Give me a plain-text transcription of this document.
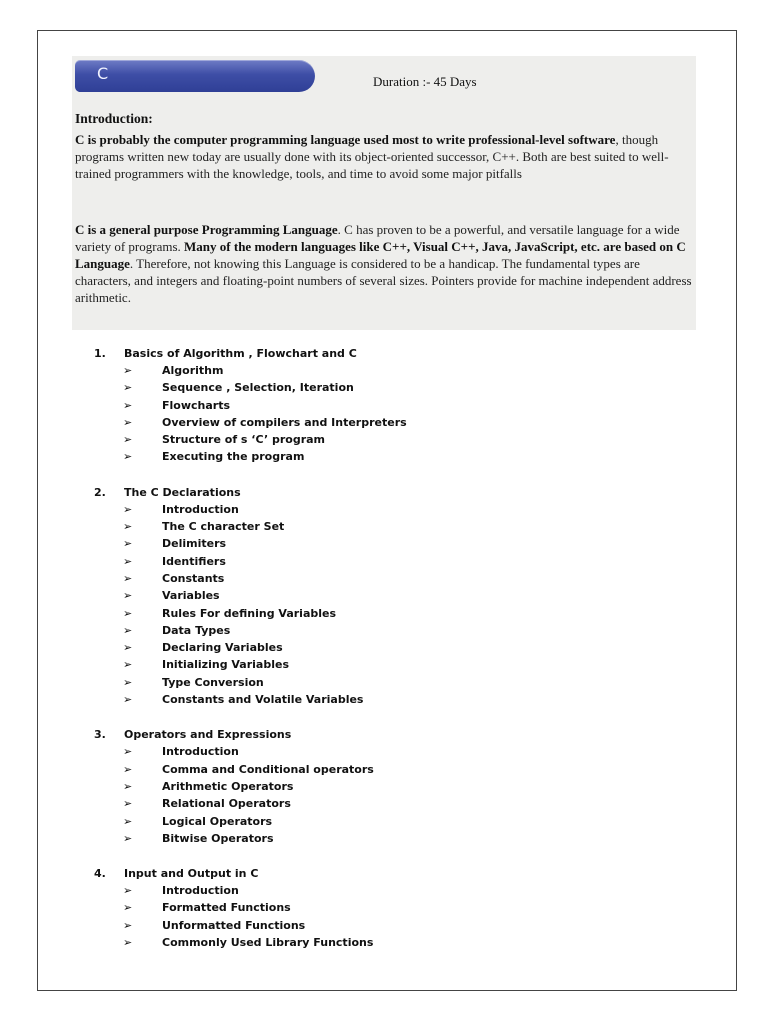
C	Duration :- 45 Days
Introduction:
C is probably the computer programming language used most to write professional-level software, though programs written new today are usually done with its object-oriented successor, C++. Both are best suited to well-trained programmers with the knowledge, tools, and time to avoid some major pitfalls
C is a general purpose Programming Language. C has proven to be a powerful, and versatile language for a wide variety of programs. Many of the modern languages like C++, Visual C++, Java, JavaScript, etc. are based on C Language. Therefore, not knowing this Language is considered to be a handicap. The fundamental types are characters, and integers and floating-point numbers of several sizes. Pointers provide for machine independent address arithmetic.
1. Basics of Algorithm , Flowchart and C
➢	Algorithm
➢	Sequence , Selection, Iteration
➢	Flowcharts
➢	Overview of compilers and Interpreters
➢	Structure of s ‘C’ program
➢	Executing the program
2. The C Declarations
➢	Introduction
➢	The C character Set
➢	Delimiters
➢	Identifiers
➢	Constants
➢	Variables
➢	Rules For defining Variables
➢	Data Types
➢	Declaring Variables
➢	Initializing Variables
➢	Type Conversion
➢	Constants and Volatile Variables
3. Operators and Expressions
➢	Introduction
➢	Comma and Conditional operators
➢	Arithmetic Operators
➢	Relational Operators
➢	Logical Operators
➢	Bitwise Operators
4. Input and Output in C
➢	Introduction
➢	Formatted Functions
➢	Unformatted Functions
➢	Commonly Used Library Functions
